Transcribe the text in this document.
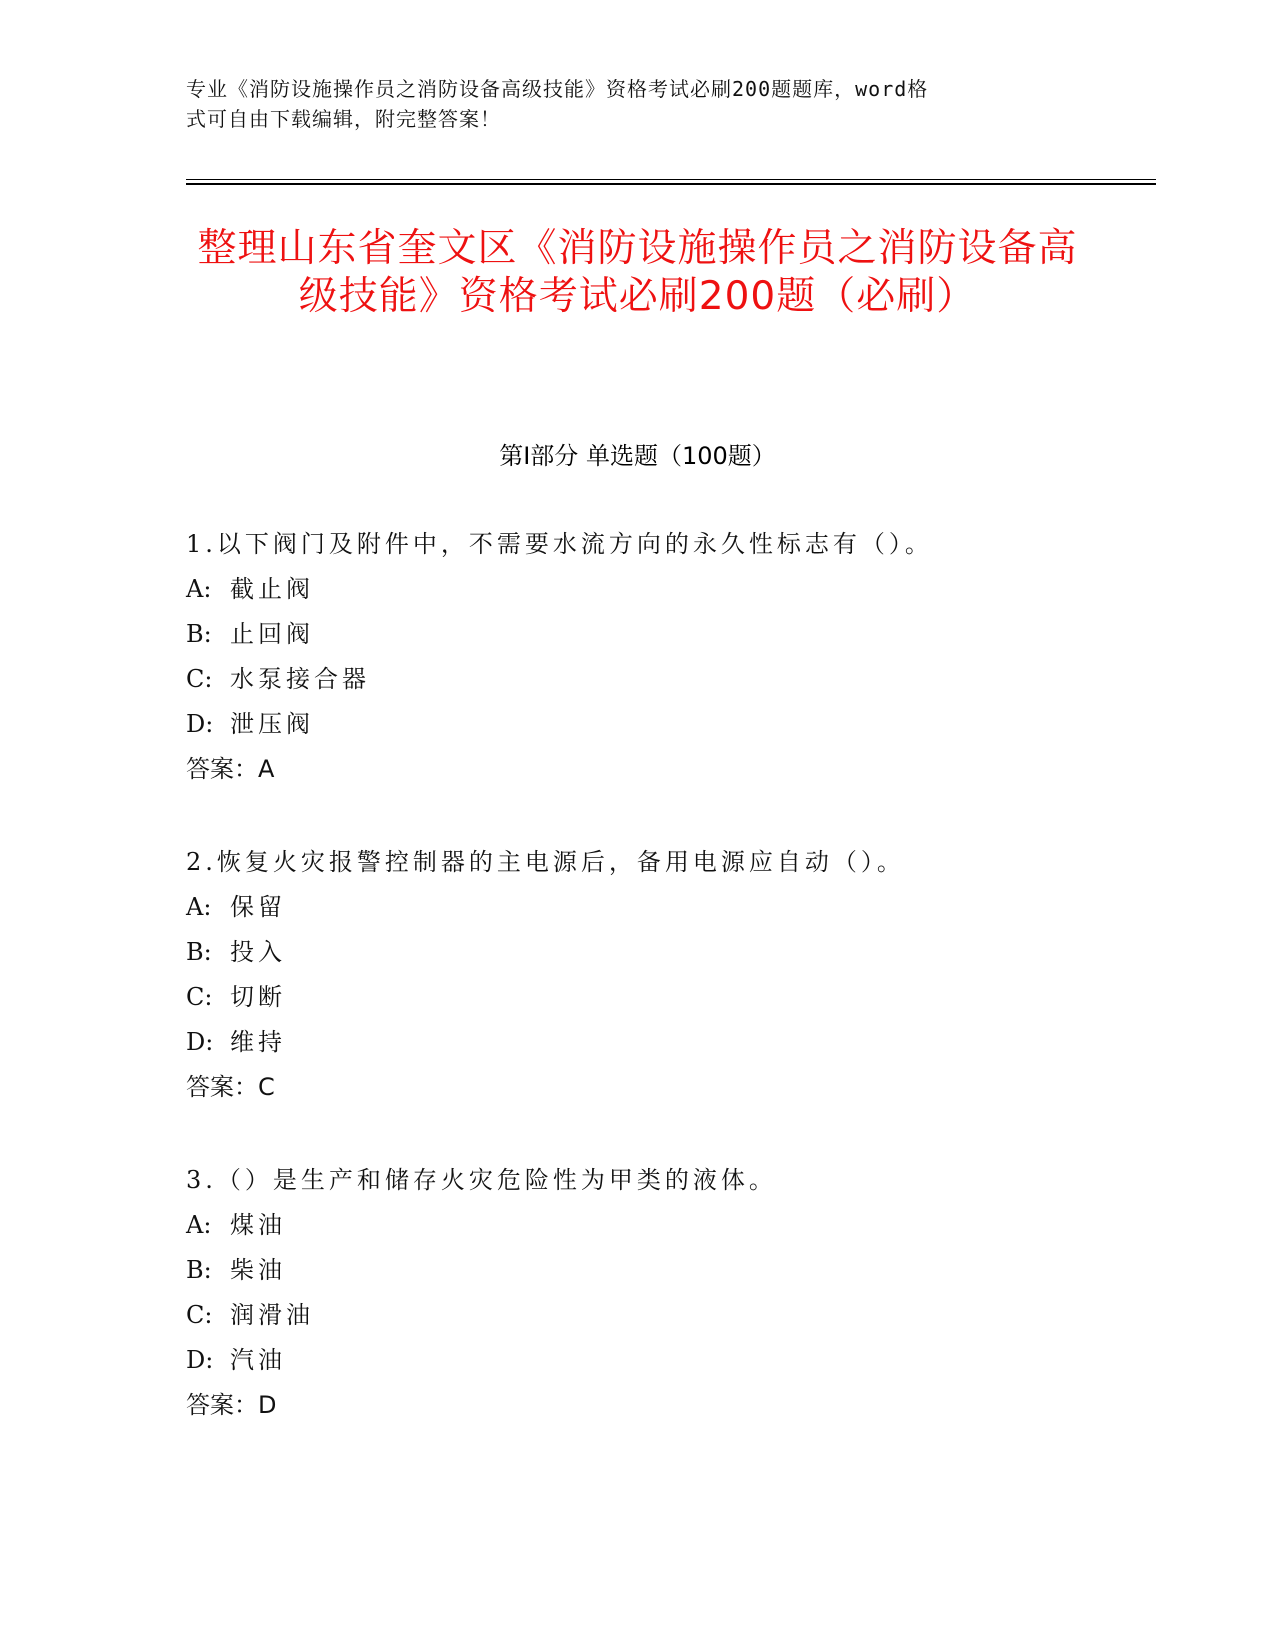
专业《消防设施操作员之消防设备高级技能》资格考试必刷200题题库，word格
式可自由下载编辑，附完整答案！
整理山东省奎文区《消防设施操作员之消防设备高级技能》资格考试必刷200题（必刷）
第Ⅰ部分 单选题（100题）
1.以下阀门及附件中，不需要水流方向的永久性标志有（）。
A: 截止阀
B: 止回阀
C: 水泵接合器
D: 泄压阀
答案：A
2.恢复火灾报警控制器的主电源后，备用电源应自动（）。
A: 保留
B: 投入
C: 切断
D: 维持
答案：C
3.（）是生产和储存火灾危险性为甲类的液体。
A: 煤油
B: 柴油
C: 润滑油
D: 汽油
答案：D
